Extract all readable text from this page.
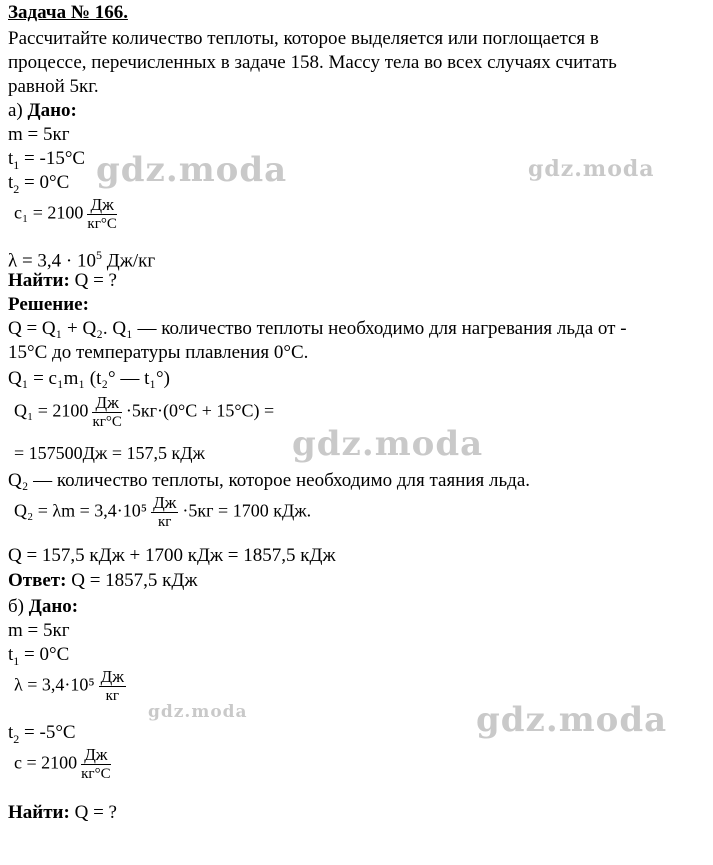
Задача № 166.
Рассчитайте количество теплоты, которое выделяется или поглощается в
процессе, перечисленных в задаче 158. Массу тела во всех случаях считать
равной 5кг.
а) Дано:
m = 5кг
$t_1 = -15^\circ C$
$t_2 = 0^\circ C$
$c_1 = 2100 \frac{Дж}{кг^\circ C}$
$\lambda = 3,4 \cdot 10^5$ Дж/кг
Найти: Q = ?
Решение:
Q = Q₁ + Q₂. Q₁ — количество теплоты необходимо для нагревания льда от -
15°C до температуры плавления 0°C.
Q₁ = c₁m₁ (t₂° — t₁°)
$Q_1 = 2100 \frac{Дж}{кг^\circ C} \cdot 5кг\cdot(0^\circ C + 15^\circ C)$ =
= 157500Дж = 157,5 кДж
Q₂ — количество теплоты, которое необходимо для таяния льда.
$Q_2 = \lambda m = 3,4\cdot 10^5 \frac{Дж}{кг} \cdot 5кг = 1700$ кДж.
Q = 157,5 кДж + 1700 кДж = 1857,5 кДж
Ответ: Q = 1857,5 кДж
б) Дано:
m = 5кг
$t_1 = 0^\circ C$
$\lambda = 3,4\cdot 10^5 \frac{Дж}{кг}$
$t_2 = -5^\circ C$
$c = 2100 \frac{Дж}{кг^\circ C}$
Найти: Q = ?
gdz.moda	gdz.moda
gdz.moda
gdz.moda	gdz.moda
